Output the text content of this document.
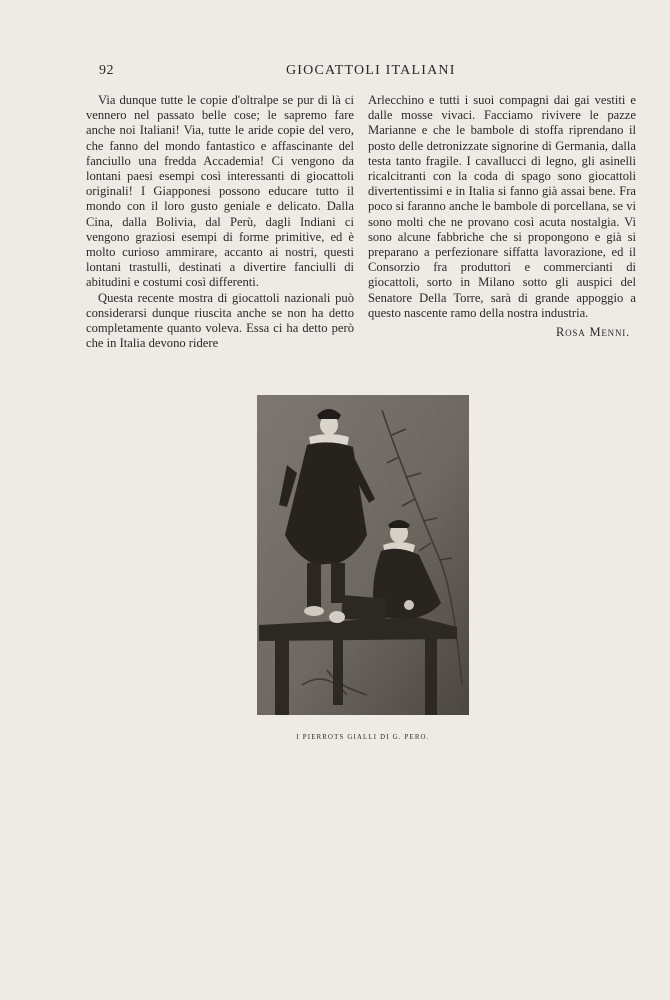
92	GIOCATTOLI ITALIANI

Via dunque tutte le copie d'oltralpe se pur di là ci vennero nel passato belle cose; le sapremo fare anche noi Italiani! Via, tutte le aride copie del vero, che fanno del mondo fantastico e affascinante del fanciullo una fredda Accademia! Ci vengono da lontani paesi esempi così interessanti di giocattoli originali! I Giapponesi possono educare tutto il mondo con il loro gusto geniale e delicato. Dalla Cina, dalla Bolivia, dal Perù, dagli Indiani ci vengono graziosi esempi di forme primitive, ed è molto curioso ammirare, accanto ai nostri, questi lontani trastulli, destinati a divertire fanciulli di abitudini e costumi così differenti.

Questa recente mostra di giocattoli nazionali può considerarsi dunque riuscita anche se non ha detto completamente quanto voleva. Essa ci ha detto però che in Italia devono ridere

Arlecchino e tutti i suoi compagni dai gai vestiti e dalle mosse vivaci. Facciamo rivivere le pazze Marianne e che le bambole di stoffa riprendano il posto delle detronizzate signorine di Germania, dalla testa tanto fragile. I cavallucci di legno, gli asinelli ricalcitranti con la coda di spago sono giocattoli divertentissimi e in Italia si fanno già assai bene. Fra poco si faranno anche le bambole di porcellana, se vi sono molti che ne provano così acuta nostalgia. Vi sono alcune fabbriche che si propongono e già si preparano a perfezionare siffatta lavorazione, ed il Consorzio fra produttori e commercianti di giocattoli, sorto in Milano sotto gli auspici del Senatore Della Torre, sarà di grande appoggio a questo nascente ramo della nostra industria.

Rosa Menni.
I PIERROTS GIALLI DI G. PERO.
